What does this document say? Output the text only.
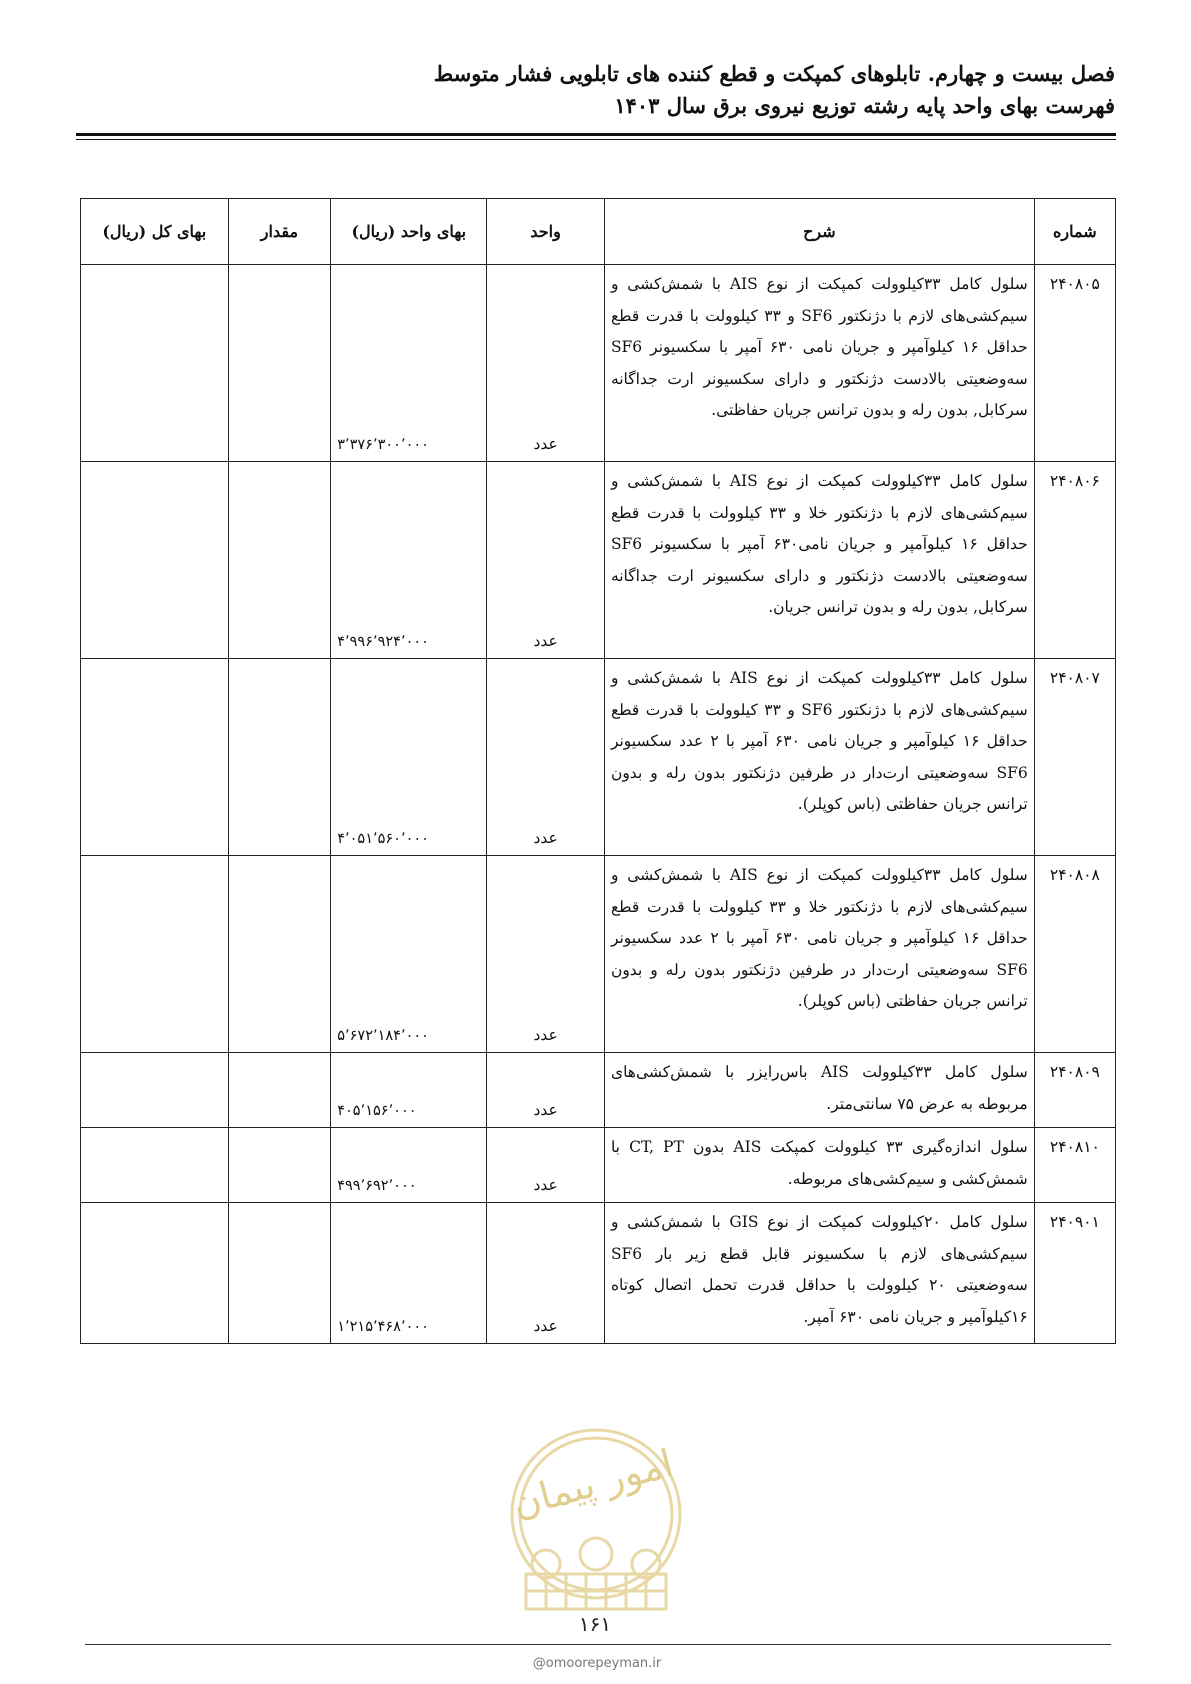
فصل بیست و چهارم. تابلوهای کمپکت و قطع کننده های تابلویی فشار متوسط
فهرست بهای واحد پایه رشته توزیع نیروی برق سال ۱۴۰۳
شماره	شرح	واحد	بهای واحد (ریال)	مقدار	بهای کل (ریال)
۲۴۰۸۰۵	سلول کامل ۳۳کیلوولت کمپکت از نوع AIS با شمش‌کشی و سیم‌کشی‌های لازم با دژنکتور SF6 و ۳۳ کیلوولت با قدرت قطع حداقل ۱۶ کیلوآمپر و جریان نامی ۶۳۰ آمپر با سکسیونر SF6 سه‌وضعیتی بالادست دژنکتور و دارای سکسیونر ارت جداگانه سرکابل, بدون رله و بدون ترانس جریان حفاظتی.	عدد	۳٬۳۷۶٬۳۰۰٬۰۰۰		

۲۴۰۸۰۶	سلول کامل ۳۳کیلوولت کمپکت از نوع AIS با شمش‌کشی و سیم‌کشی‌های لازم با دژنکتور خلا و ۳۳ کیلوولت با قدرت قطع حداقل ۱۶ کیلوآمپر و جریان نامی۶۳۰ آمپر با سکسیونر SF6 سه‌وضعیتی بالادست دژنکتور و دارای سکسیونر ارت جداگانه سرکابل, بدون رله و بدون ترانس جریان.	عدد	۴٬۹۹۶٬۹۲۴٬۰۰۰		

۲۴۰۸۰۷	سلول کامل ۳۳کیلوولت کمپکت از نوع AIS با شمش‌کشی و سیم‌کشی‌های لازم با دژنکتور SF6 و ۳۳ کیلوولت با قدرت قطع حداقل ۱۶ کیلوآمپر و جریان نامی ۶۳۰ آمپر با ۲ عدد سکسیونر SF6 سه‌وضعیتی ارت‌دار در طرفین دژنکتور بدون رله و بدون ترانس جریان حفاظتی (باس کوپلر).	عدد	۴٬۰۵۱٬۵۶۰٬۰۰۰		

۲۴۰۸۰۸	سلول کامل ۳۳کیلوولت کمپکت از نوع AIS با شمش‌کشی و سیم‌کشی‌های لازم با دژنکتور خلا و ۳۳ کیلوولت با قدرت قطع حداقل ۱۶ کیلوآمپر و جریان نامی ۶۳۰ آمپر با ۲ عدد سکسیونر SF6 سه‌وضعیتی ارت‌دار در طرفین دژنکتور بدون رله و بدون ترانس جریان حفاظتی (باس کوپلر).	عدد	۵٬۶۷۲٬۱۸۴٬۰۰۰		

۲۴۰۸۰۹	سلول کامل ۳۳کیلوولت AIS باس‌رایزر با شمش‌کشی‌های مربوطه به عرض ۷۵ سانتی‌متر.	عدد	۴۰۵٬۱۵۶٬۰۰۰		

۲۴۰۸۱۰	سلول اندازه‌گیری ۳۳ کیلوولت کمپکت AIS بدون CT, PT با شمش‌کشی و سیم‌کشی‌های مربوطه.	عدد	۴۹۹٬۶۹۲٬۰۰۰		

۲۴۰۹۰۱	سلول کامل ۲۰کیلوولت کمپکت از نوع GIS با شمش‌کشی و سیم‌کشی‌های لازم با سکسیونر قابل قطع زیر بار SF6 سه‌وضعیتی ۲۰ کیلوولت با حداقل قدرت تحمل اتصال کوتاه ۱۶کیلوآمپر و جریان نامی ۶۳۰ آمپر.	عدد	۱٬۲۱۵٬۴۶۸٬۰۰۰		

امور پیمان
۱۶۱
@omoorepeyman.ir
